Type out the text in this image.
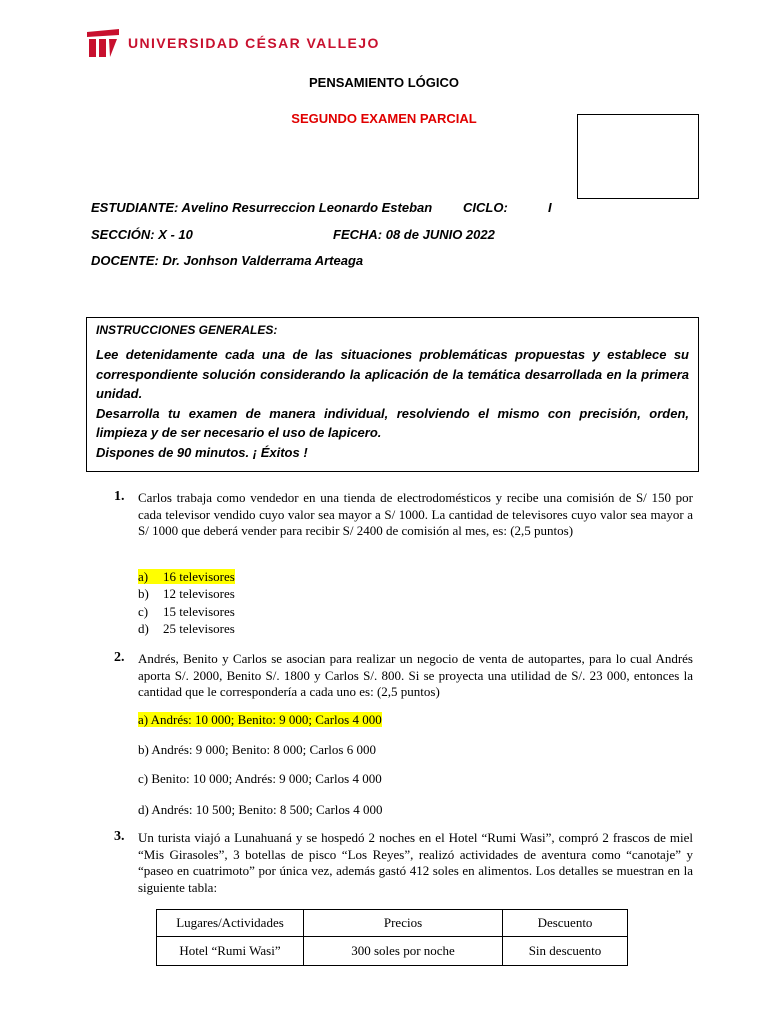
UNIVERSIDAD CÉSAR VALLEJO
PENSAMIENTO LÓGICO
SEGUNDO EXAMEN PARCIAL
ESTUDIANTE: Avelino Resurreccion Leonardo Esteban CICLO:	I
SECCIÓN: X - 10	FECHA: 08 de JUNIO 2022
DOCENTE: Dr. Jonhson Valderrama Arteaga
INSTRUCCIONES GENERALES:

Lee detenidamente cada una de las situaciones problemáticas propuestas y establece su correspondiente solución considerando la aplicación de la temática desarrollada en la primera unidad.

Desarrolla tu examen de manera individual, resolviendo el mismo con precisión, orden, limpieza y de ser necesario el uso de lapicero.

Dispones de 90 minutos. ¡ Éxitos !

1. Carlos trabaja como vendedor en una tienda de electrodomésticos y recibe una comisión de S/ 150 por cada televisor vendido cuyo valor sea mayor a S/ 1000. La cantidad de televisores cuyo valor sea mayor a S/ 1000 que deberá vender para recibir S/ 2400 de comisión al mes, es: (2,5 puntos)
a) 16 televisores
b) 12 televisores
c) 15 televisores
d) 25 televisores
2. Andrés, Benito y Carlos se asocian para realizar un negocio de venta de autopartes, para lo cual Andrés aporta S/. 2000, Benito S/. 1800 y Carlos S/. 800. Si se proyecta una utilidad de S/. 23 000, entonces la cantidad que le correspondería a cada uno es: (2,5 puntos)
a) Andrés: 10 000; Benito: 9 000; Carlos 4 000
b) Andrés: 9 000; Benito: 8 000; Carlos 6 000
c) Benito: 10 000; Andrés: 9 000; Carlos 4 000
d) Andrés: 10 500; Benito: 8 500; Carlos 4 000
3. Un turista viajó a Lunahuaná y se hospedó 2 noches en el Hotel “Rumi Wasi”, compró 2 frascos de miel “Mis Girasoles”, 3 botellas de pisco “Los Reyes”, realizó actividades de aventura como “canotaje” y “paseo en cuatrimoto” por única vez, además gastó 412 soles en alimentos. Los detalles se muestran en la siguiente tabla:
Lugares/Actividades	Precios	Descuento
Hotel “Rumi Wasi”	300 soles por noche	Sin descuento
